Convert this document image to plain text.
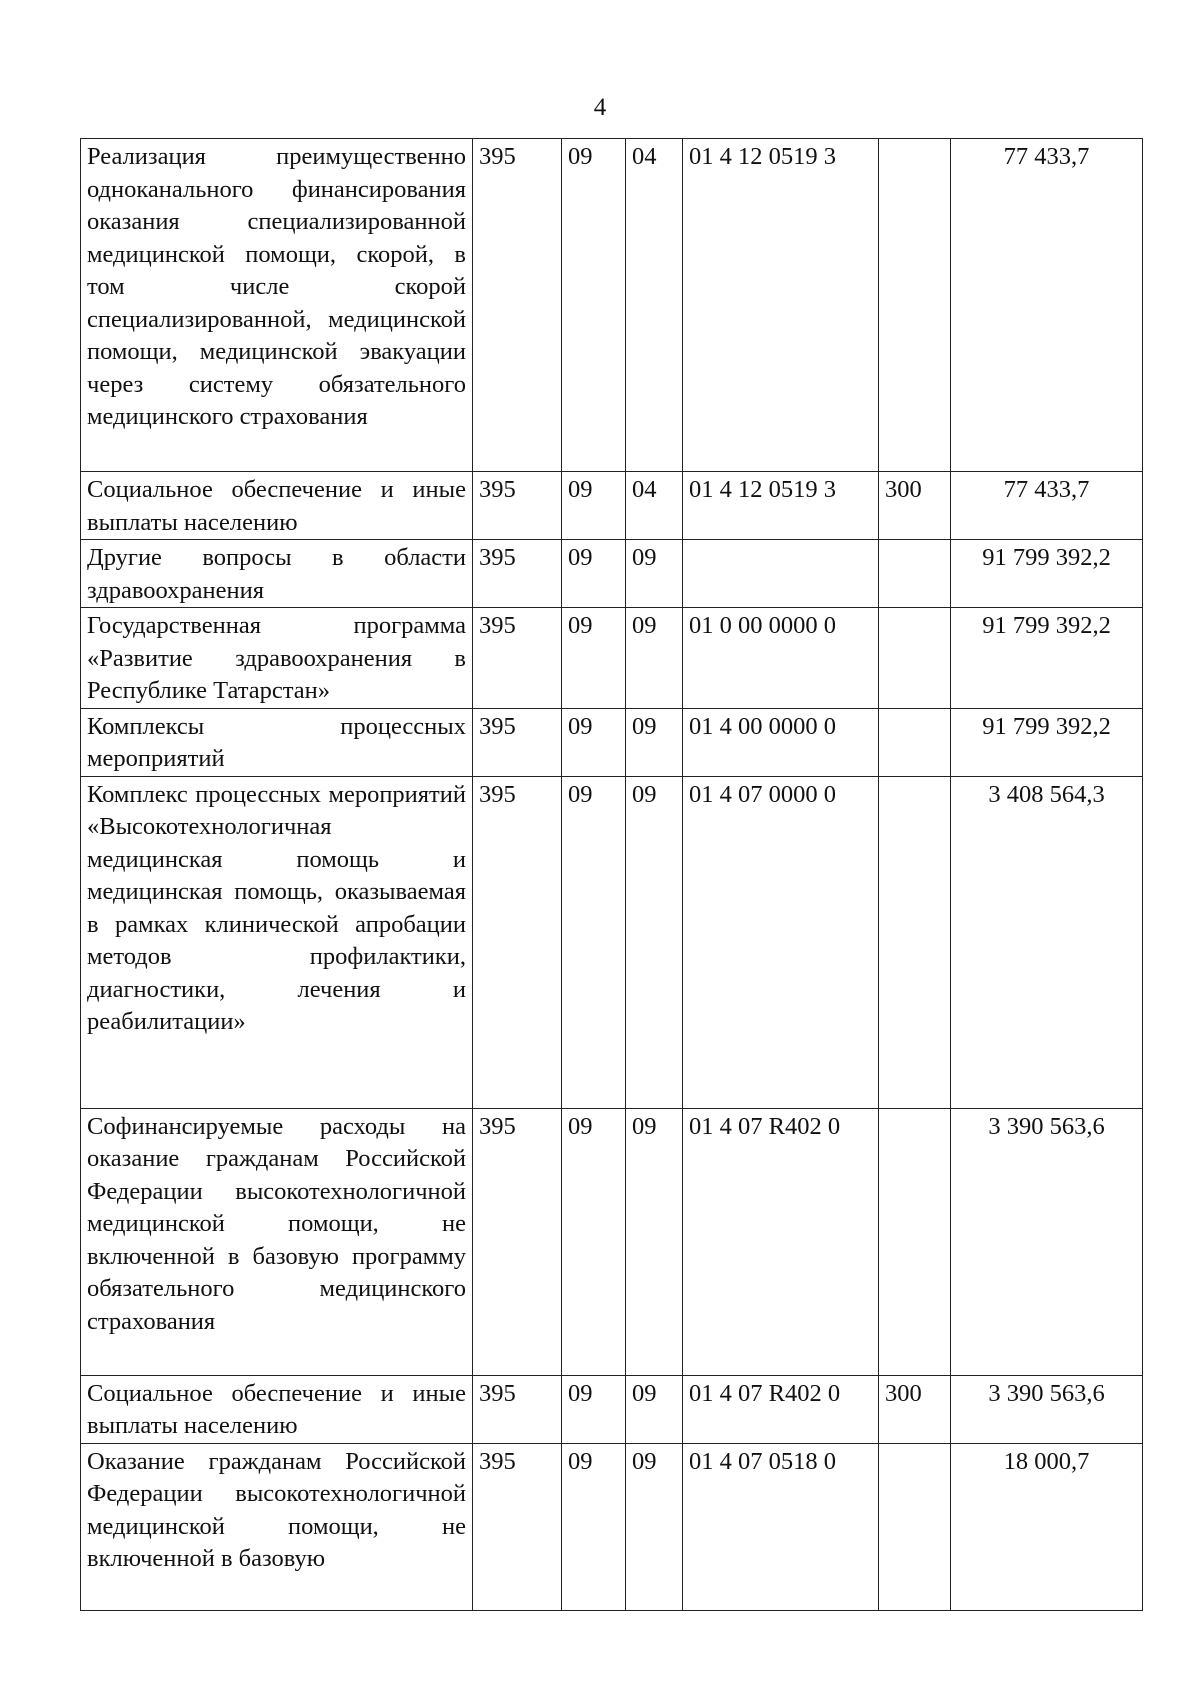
4
Реализация преимущественно одноканального финансирования оказания специализированной медицинской помощи, скорой, в том числе скорой специализированной, медицинской помощи, медицинской эвакуации через систему обязательного медицинского страхования	395	09	04	01 4 12 0519 3		77 433,7
Социальное обеспечение и иные выплаты населению	395	09	04	01 4 12 0519 3	300	77 433,7
Другие вопросы в области здравоохранения	395	09	09			91 799 392,2
Государственная программа «Развитие здравоохранения в Республике Татарстан»	395	09	09	01 0 00 0000 0		91 799 392,2
Комплексы процессных мероприятий	395	09	09	01 4 00 0000 0		91 799 392,2
Комплекс процессных мероприятий «Высокотехнологичная медицинская помощь и медицинская помощь, оказываемая в рамках клинической апробации методов профилактики, диагностики, лечения и реабилитации»	395	09	09	01 4 07 0000 0		3 408 564,3
Софинансируемые расходы на оказание гражданам Российской Федерации высокотехнологичной медицинской помощи, не включенной в базовую программу обязательного медицинского страхования	395	09	09	01 4 07 R402 0		3 390 563,6
Социальное обеспечение и иные выплаты населению	395	09	09	01 4 07 R402 0	300	3 390 563,6
Оказание гражданам Российской Федерации высокотехнологичной медицинской помощи, не включенной в базовую	395	09	09	01 4 07 0518 0		18 000,7
